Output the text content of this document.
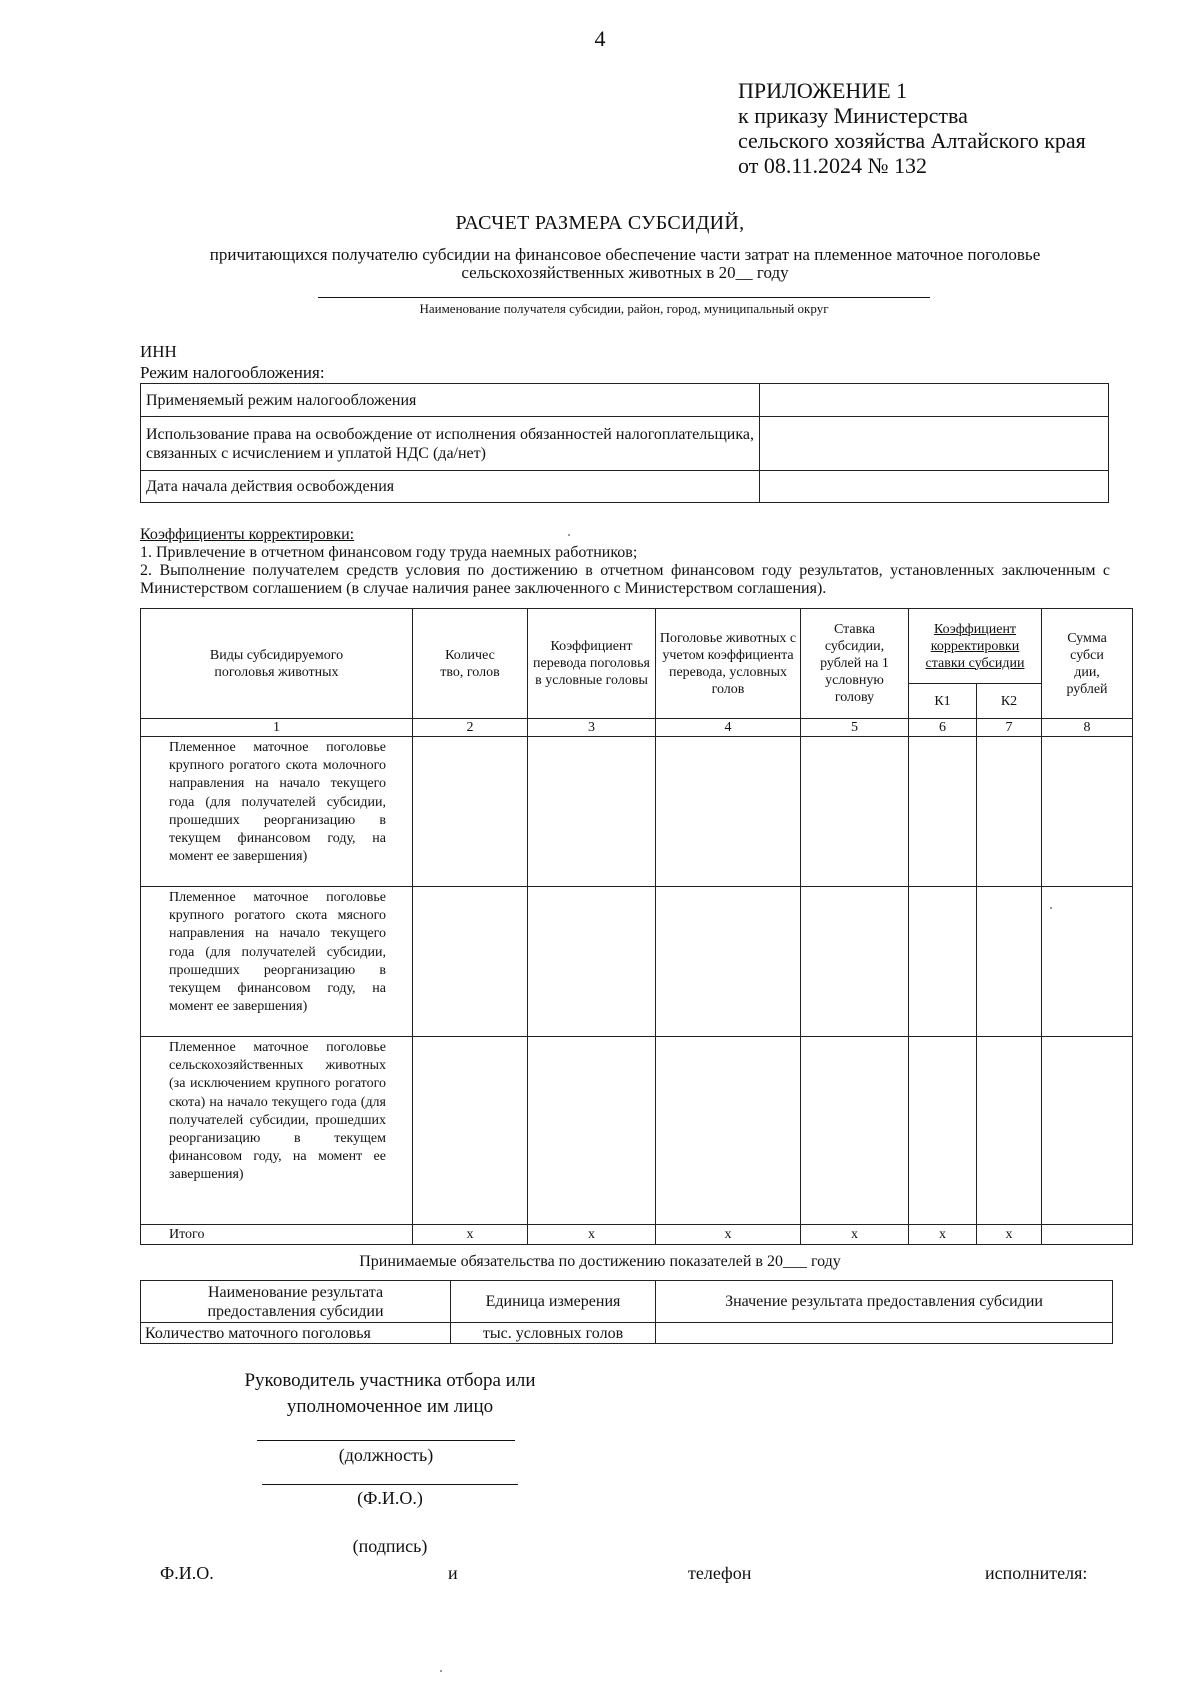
4
ПРИЛОЖЕНИЕ 1
к приказу Министерства
сельского хозяйства Алтайского края
от 08.11.2024 № 132
РАСЧЕТ РАЗМЕРА СУБСИДИЙ,
причитающихся получателю субсидии на финансовое обеспечение части затрат на племенное маточное поголовье сельскохозяйственных животных в 20__ году
Наименование получателя субсидии, район, город, муниципальный округ
ИНН
Режим налогообложения:
Применяемый режим налогообложения	
Использование права на освобождение от исполнения обязанностей налогоплательщика, связанных с исчислением и уплатой НДС (да/нет)	
Дата начала действия освобождения	
Коэффициенты корректировки:
1. Привлечение в отчетном финансовом году труда наемных работников;
2. Выполнение получателем средств условия по достижению в отчетном финансовом году результатов, установленных заключенным с Министерством соглашением (в случае наличия ранее заключенного с Министерством соглашения).
Виды субсидируемого поголовья животных	Количес тво, голов	Коэффициент перевода поголовья в условные головы	Поголовье животных с учетом коэффициента перевода, условных голов	Ставка субсидии, рублей на 1 условную голову	Коэффициент корректировки ставки субсидии		Сумма субси дии, рублей
					К1	К2	
1	2	3	4	5	6	7	8
Племенное маточное поголовье крупного рогатого скота молочного направления на начало текущего года (для получателей субсидии, прошедших реорганизацию в текущем финансовом году, на момент ее завершения)							
Племенное маточное поголовье крупного рогатого скота мясного направления на начало текущего года (для получателей субсидии, прошедших реорганизацию в текущем финансовом году, на момент ее завершения)							
Племенное маточное поголовье сельскохозяйственных животных (за исключением крупного рогатого скота) на начало текущего года (для получателей субсидии, прошедших реорганизацию в текущем финансовом году, на момент ее завершения)							
Итого	х	х	х	х	х	х	
Принимаемые обязательства по достижению показателей в 20___ году
Наименование результата предоставления субсидии	Единица измерения	Значение результата предоставления субсидии
Количество маточного поголовья	тыс. условных голов	
Руководитель участника отбора или уполномоченное им лицо
(должность)
(Ф.И.О.)
(подпись)
Ф.И.О.	и	телефон	исполнителя:
